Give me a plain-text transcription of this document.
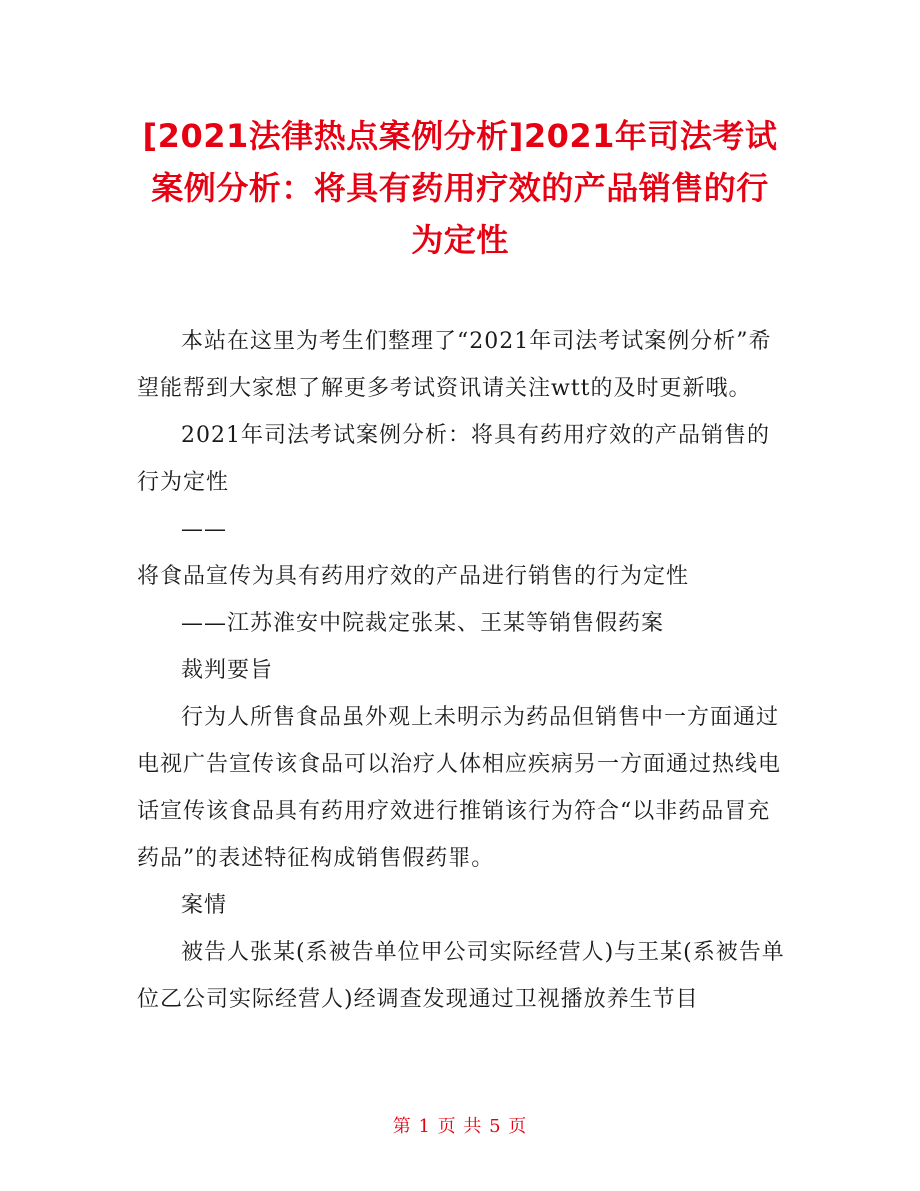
[2021法律热点案例分析]2021年司法考试案例分析：将具有药用疗效的产品销售的行为定性

本站在这里为考生们整理了“2021年司法考试案例分析”希望能帮到大家想了解更多考试资讯请关注wtt的及时更新哦。

2021年司法考试案例分析：将具有药用疗效的产品销售的行为定性

——

将食品宣传为具有药用疗效的产品进行销售的行为定性

——江苏淮安中院裁定张某、王某等销售假药案

裁判要旨

行为人所售食品虽外观上未明示为药品但销售中一方面通过电视广告宣传该食品可以治疗人体相应疾病另一方面通过热线电话宣传该食品具有药用疗效进行推销该行为符合“以非药品冒充药品”的表述特征构成销售假药罪。

案情

被告人张某(系被告单位甲公司实际经营人)与王某(系被告单位乙公司实际经营人)经调查发现通过卫视播放养生节目

第 1 页 共 5 页
